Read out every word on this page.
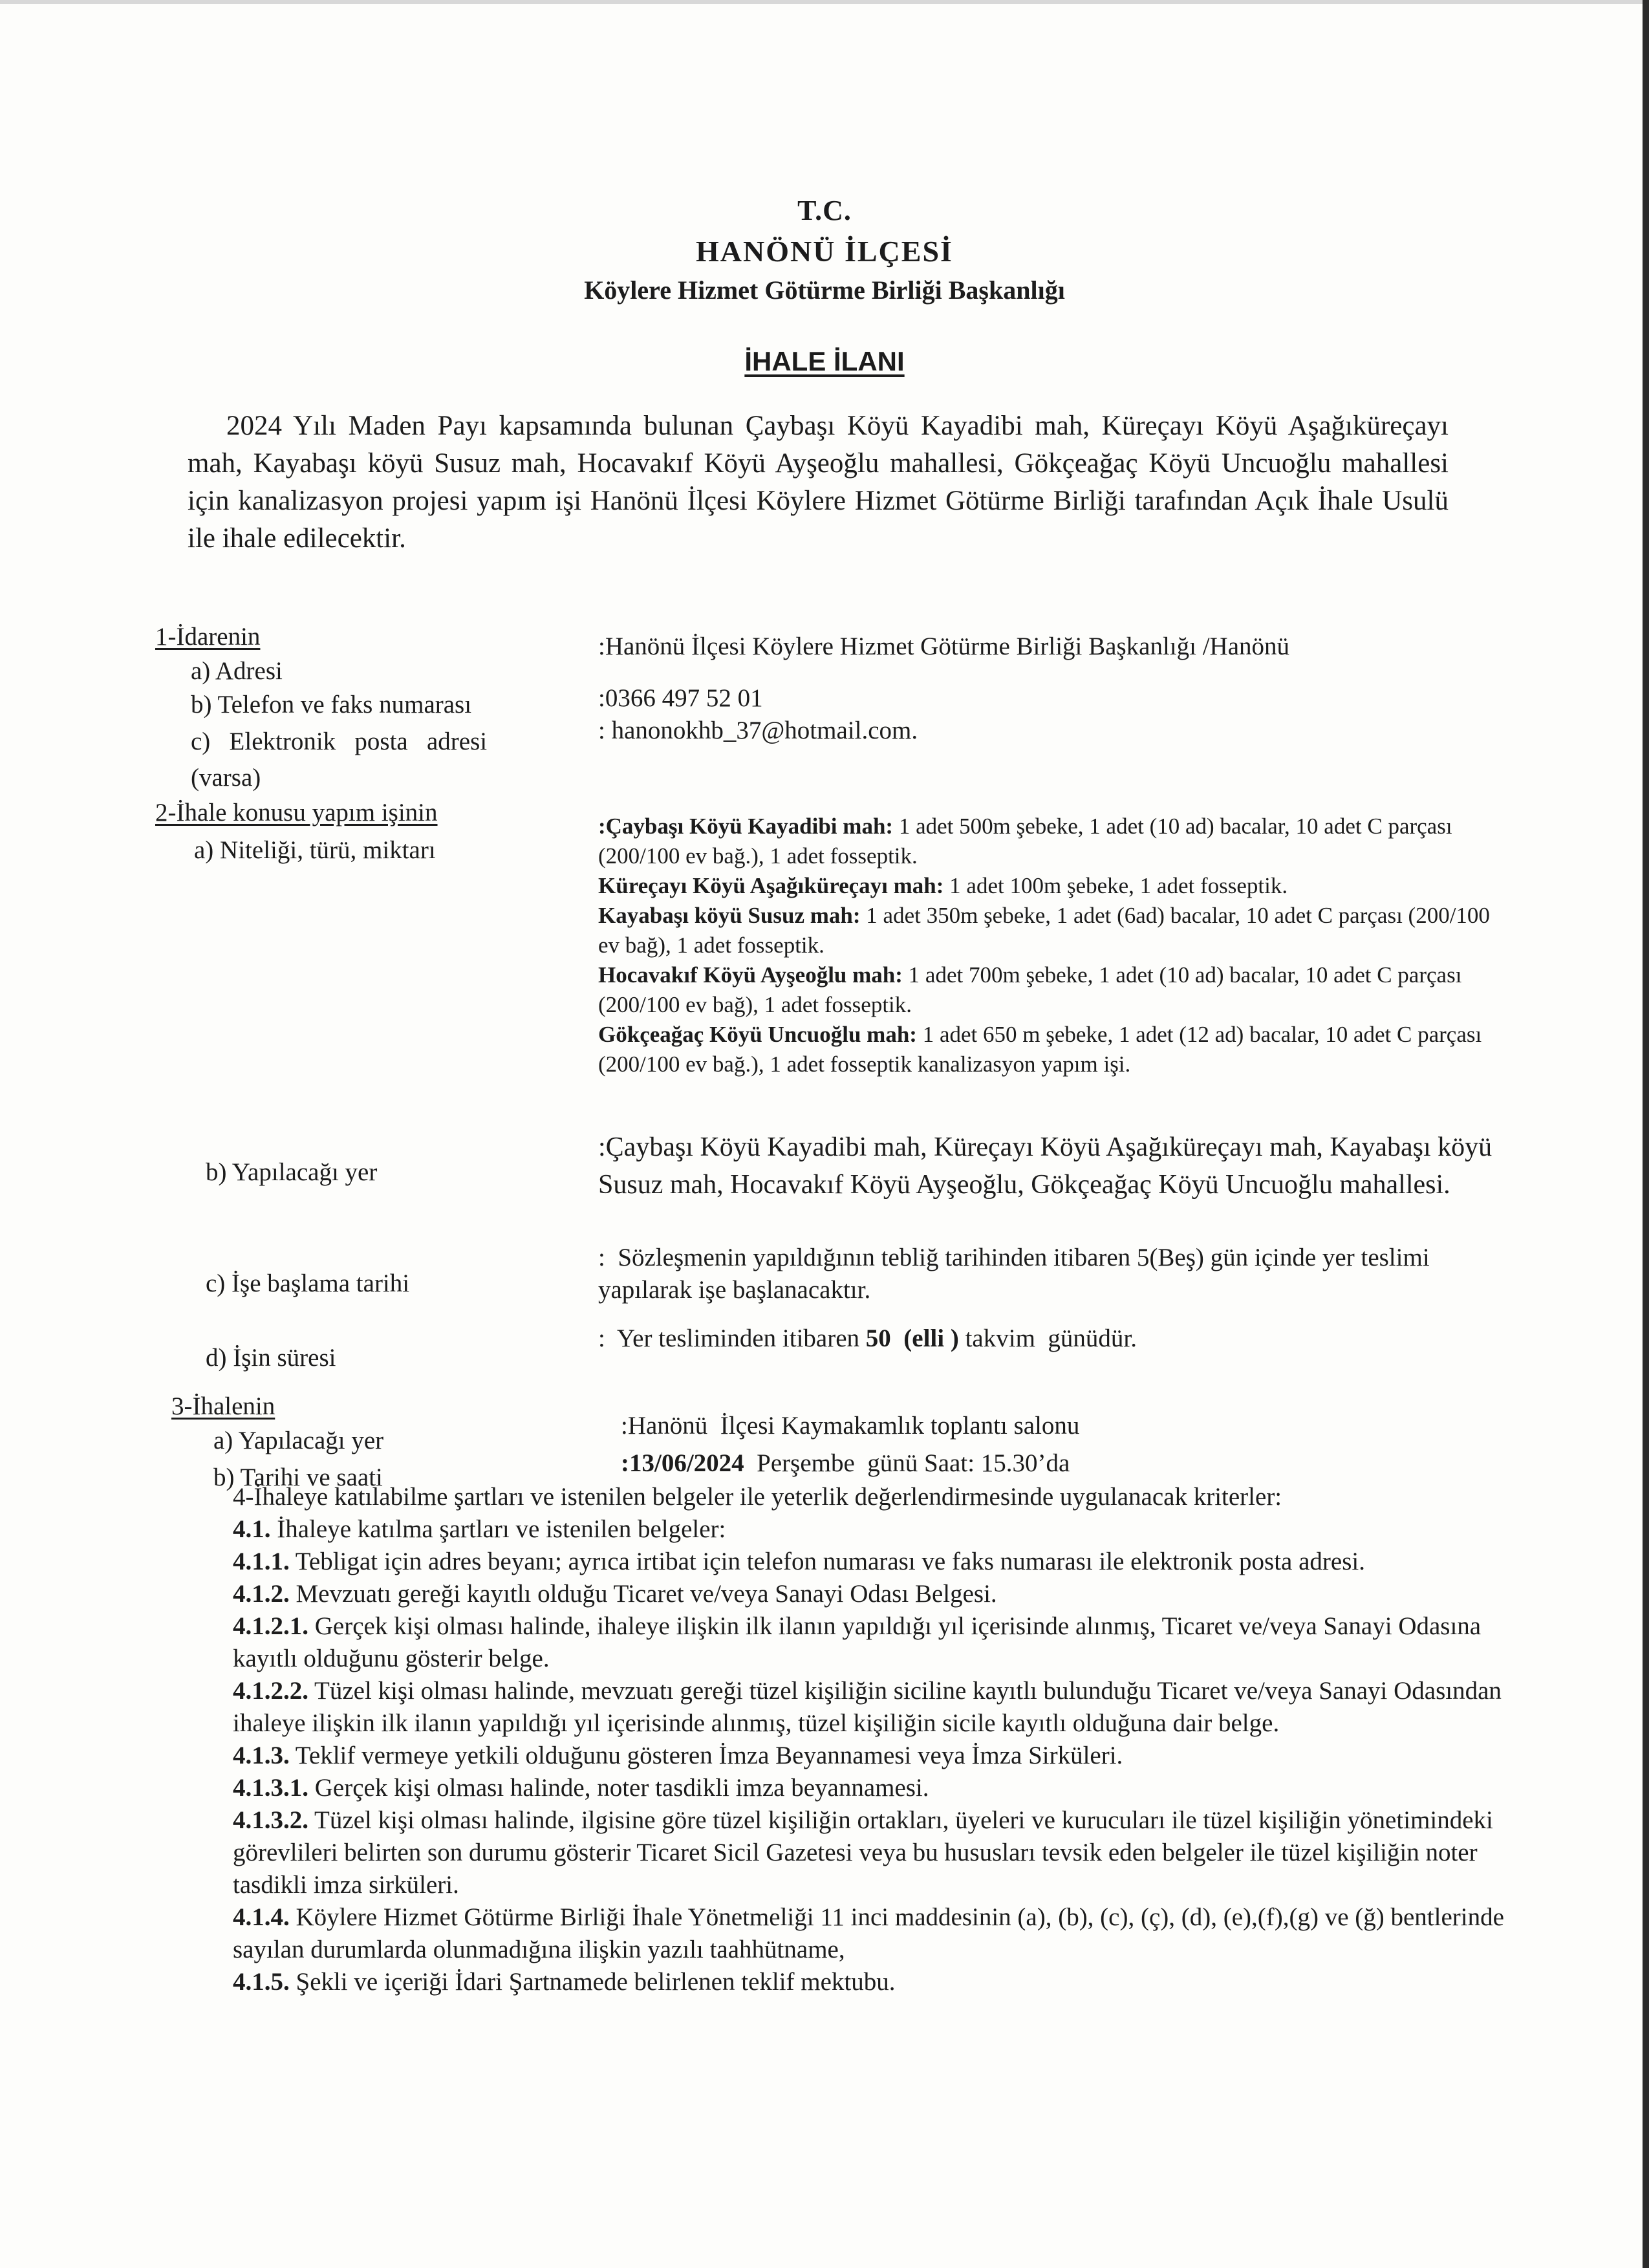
T.C.
HANÖNÜ İLÇESİ
Köylere Hizmet Götürme Birliği Başkanlığı
İHALE İLANI
2024 Yılı Maden Payı kapsamında bulunan Çaybaşı Köyü Kayadibi mah, Küreçayı Köyü Aşağıküreçayı mah, Kayabaşı köyü Susuz mah, Hocavakıf Köyü Ayşeoğlu mahallesi, Gökçeağaç Köyü Uncuoğlu mahallesi için kanalizasyon projesi yapım işi Hanönü İlçesi Köylere Hizmet Götürme Birliği tarafından Açık İhale Usulü ile ihale edilecektir.
1-İdarenin
a) Adresi
:Hanönü İlçesi Köylere Hizmet Götürme Birliği Başkanlığı /Hanönü
b) Telefon ve faks numarası	:0366 497 52 01
c)   Elektronik   posta   adresi
(varsa)
: hanonokhb_37@hotmail.com.
2-İhale konusu yapım işinin
a) Niteliği, türü, miktarı
:Çaybaşı Köyü Kayadibi mah: 1 adet 500m şebeke, 1 adet (10 ad) bacalar, 10 adet C parçası (200/100 ev bağ.), 1 adet fosseptik.
Küreçayı Köyü Aşağıküreçayı mah: 1 adet 100m şebeke, 1 adet fosseptik.
Kayabaşı köyü Susuz mah: 1 adet 350m şebeke, 1 adet (6ad) bacalar, 10 adet C parçası (200/100 ev bağ), 1 adet fosseptik.
Hocavakıf Köyü Ayşeoğlu mah: 1 adet 700m şebeke, 1 adet (10 ad) bacalar, 10 adet C parçası (200/100 ev bağ), 1 adet fosseptik.
Gökçeağaç Köyü Uncuoğlu mah: 1 adet 650 m şebeke, 1 adet (12 ad) bacalar, 10 adet C parçası (200/100 ev bağ.), 1 adet fosseptik kanalizasyon yapım işi.
b) Yapılacağı yer
:Çaybaşı Köyü Kayadibi mah, Küreçayı Köyü Aşağıküreçayı mah, Kayabaşı köyü Susuz mah, Hocavakıf Köyü Ayşeoğlu, Gökçeağaç Köyü Uncuoğlu mahallesi.
c) İşe başlama tarihi
:  Sözleşmenin yapıldığının tebliğ tarihinden itibaren 5(Beş) gün içinde yer teslimi yapılarak işe başlanacaktır.
d) İşin süresi
:  Yer tesliminden itibaren 50  (elli ) takvim  günüdür.
3-İhalenin
a) Yapılacağı yer
:Hanönü  İlçesi Kaymakamlık toplantı salonu
b) Tarihi ve saati
:13/06/2024  Perşembe  günü Saat: 15.30’da

4-İhaleye katılabilme şartları ve istenilen belgeler ile yeterlik değerlendirmesinde uygulanacak kriterler:

4.1. İhaleye katılma şartları ve istenilen belgeler:

4.1.1. Tebligat için adres beyanı; ayrıca irtibat için telefon numarası ve faks numarası ile elektronik posta adresi.

4.1.2. Mevzuatı gereği kayıtlı olduğu Ticaret ve/veya Sanayi Odası Belgesi.

4.1.2.1. Gerçek kişi olması halinde, ihaleye ilişkin ilk ilanın yapıldığı yıl içerisinde alınmış, Ticaret ve/veya Sanayi Odasına kayıtlı olduğunu gösterir belge.

4.1.2.2. Tüzel kişi olması halinde, mevzuatı gereği tüzel kişiliğin siciline kayıtlı bulunduğu Ticaret ve/veya Sanayi Odasından ihaleye ilişkin ilk ilanın yapıldığı yıl içerisinde alınmış, tüzel kişiliğin sicile kayıtlı olduğuna dair belge.

4.1.3. Teklif vermeye yetkili olduğunu gösteren İmza Beyannamesi veya İmza Sirküleri.

4.1.3.1. Gerçek kişi olması halinde, noter tasdikli imza beyannamesi.

4.1.3.2. Tüzel kişi olması halinde, ilgisine göre tüzel kişiliğin ortakları, üyeleri ve kurucuları ile tüzel kişiliğin yönetimindeki görevlileri belirten son durumu gösterir Ticaret Sicil Gazetesi veya bu hususları tevsik eden belgeler ile tüzel kişiliğin noter tasdikli imza sirküleri.

4.1.4. Köylere Hizmet Götürme Birliği İhale Yönetmeliği 11 inci maddesinin (a), (b), (c), (ç), (d), (e),(f),(g) ve (ğ) bentlerinde sayılan durumlarda olunmadığına ilişkin yazılı taahhütname,

4.1.5. Şekli ve içeriği İdari Şartnamede belirlenen teklif mektubu.
